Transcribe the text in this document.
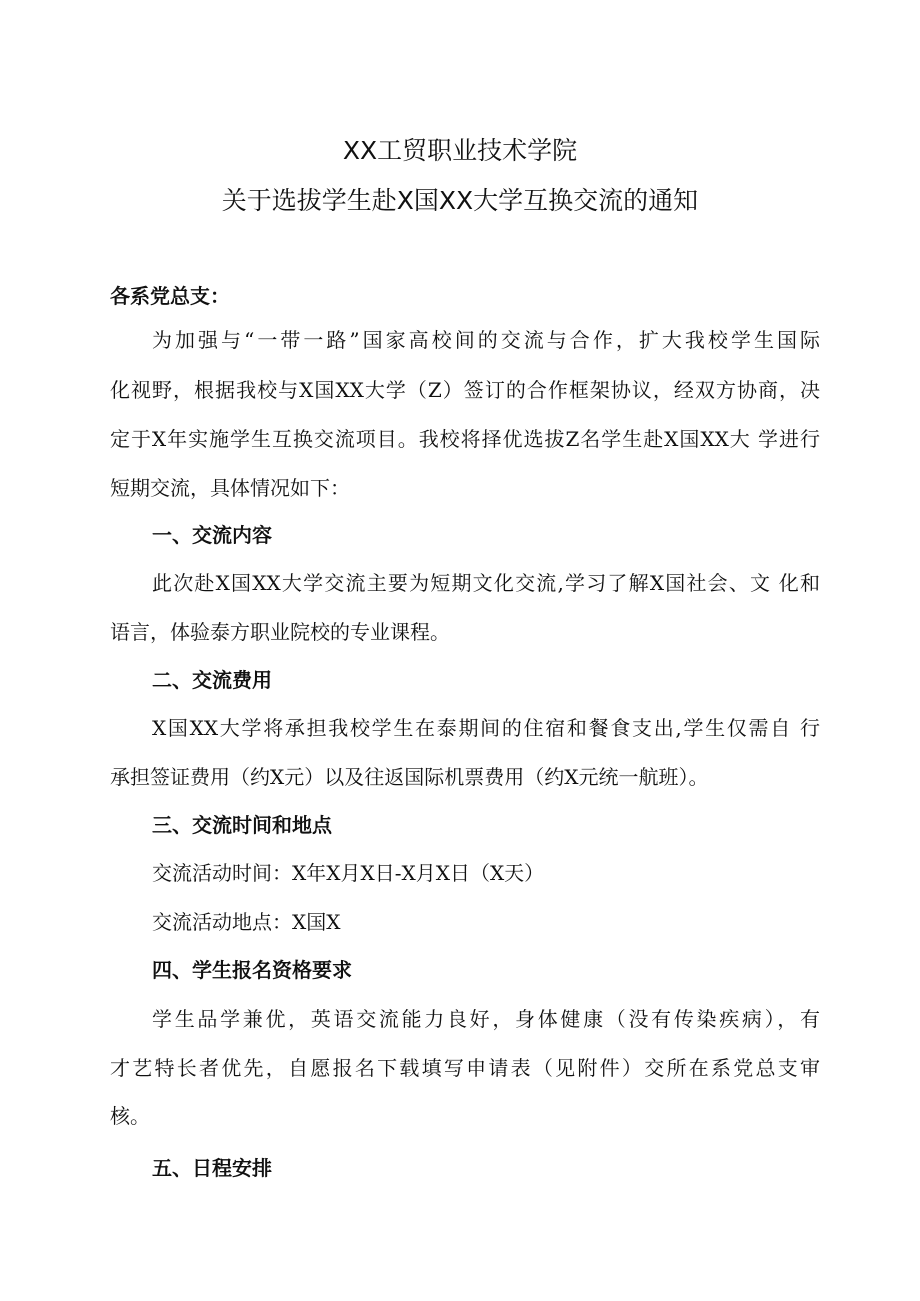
XX工贸职业技术学院
关于选拔学生赴X国XX大学互换交流的通知
各系党总支：
为加强与“一带一路”国家高校间的交流与合作，扩大我校学生国际
化视野，根据我校与X国XX大学（Z）签订的合作框架协议，经双方协商，决
定于X年实施学生互换交流项目。我校将择优选拔Z名学生赴X国XX大 学进行
短期交流，具体情况如下：
一、交流内容
此次赴X国XX大学交流主要为短期文化交流,学习了解X国社会、文 化和
语言，体验泰方职业院校的专业课程。
二、交流费用
X国XX大学将承担我校学生在泰期间的住宿和餐食支出,学生仅需自 行
承担签证费用（约X元）以及往返国际机票费用（约X元统一航班）。
三、交流时间和地点
交流活动时间：X年X月X日-X月X日（X天）
交流活动地点：X国X
四、学生报名资格要求
学生品学兼优，英语交流能力良好，身体健康（没有传染疾病），有
才艺特长者优先，自愿报名下载填写申请表（见附件）交所在系党总支审
核。
五、日程安排
